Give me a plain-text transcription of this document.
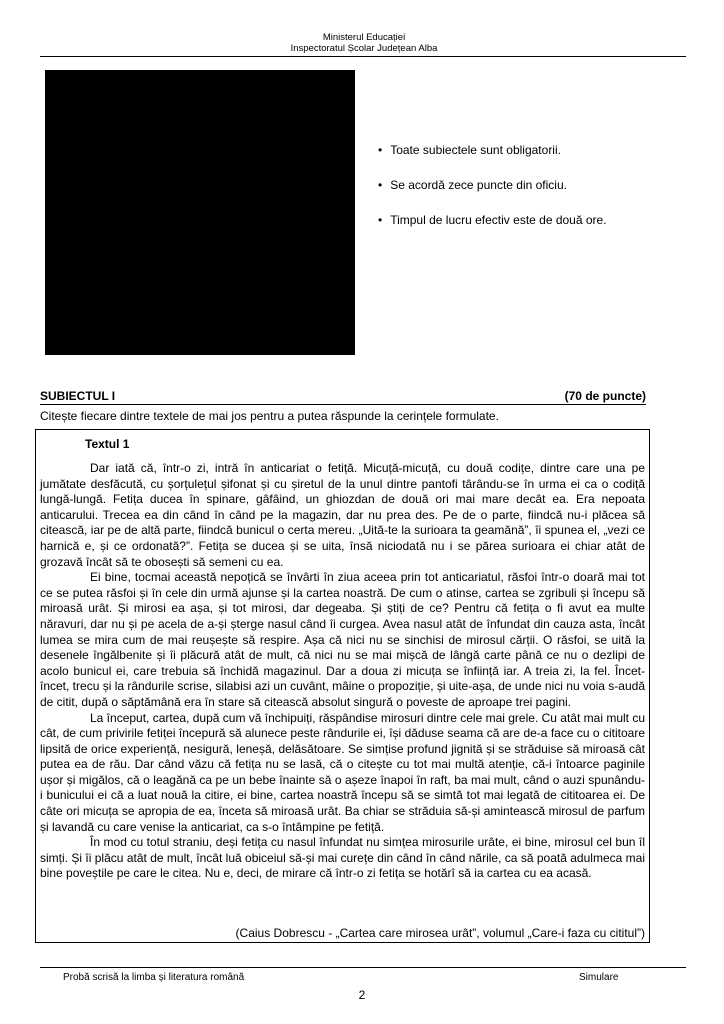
Ministerul Educației
Inspectoratul Școlar Județean Alba
• Toate subiectele sunt obligatorii.
• Se acordă zece puncte din oficiu.
• Timpul de lucru efectiv este de două ore.
SUBIECTUL I	(70 de puncte)
Citește fiecare dintre textele de mai jos pentru a putea răspunde la cerințele formulate.
Textul 1

Dar iată că, într-o zi, intră în anticariat o fetiță. Micuță-micuță, cu două codițe, dintre care una pe jumătate desfăcută, cu șorțulețul șifonat și cu șiretul de la unul dintre pantofi târându-se în urma ei ca o codiță lungă-lungă. Fetița ducea în spinare, gâfâind, un ghiozdan de două ori mai mare decât ea. Era nepoata anticarului. Trecea ea din când în când pe la magazin, dar nu prea des. Pe de o parte, fiindcă nu-i plăcea să citească, iar pe de altă parte, fiindcă bunicul o certa mereu. „Uită-te la surioara ta geamănă”, îi spunea el, „vezi ce harnică e, și ce ordonată?”. Fetița se ducea și se uita, însă niciodată nu i se părea surioara ei chiar atât de grozavă încât să te obosești să semeni cu ea.

Ei bine, tocmai această nepoțică se învârti în ziua aceea prin tot anticariatul, răsfoi într-o doară mai tot ce se putea răsfoi și în cele din urmă ajunse și la cartea noastră. De cum o atinse, cartea se zgribuli și începu să miroasă urât. Și mirosi ea așa, și tot mirosi, dar degeaba. Și știți de ce? Pentru că fetița o fi avut ea multe năravuri, dar nu și pe acela de a-și șterge nasul când îi curgea. Avea nasul atât de înfundat din cauza asta, încât lumea se mira cum de mai reușește să respire. Așa că nici nu se sinchisi de mirosul cărții. O răsfoi, se uită la desenele îngălbenite și îi plăcură atât de mult, că nici nu se mai mișcă de lângă carte până ce nu o dezlipi de acolo bunicul ei, care trebuia să închidă magazinul. Dar a doua zi micuța se înființă iar. A treia zi, la fel. Încet-încet, trecu și la rândurile scrise, silabisi azi un cuvânt, mâine o propoziție, și uite-așa, de unde nici nu voia s-audă de citit, după o săptămână era în stare să citească absolut singură o poveste de aproape trei pagini.

La început, cartea, după cum vă închipuiți, răspândise mirosuri dintre cele mai grele. Cu atât mai mult cu cât, de cum privirile fetiței începură să alunece peste rândurile ei, își dăduse seama că are de-a face cu o cititoare lipsită de orice experiență, nesigură, leneșă, delăsătoare. Se simțise profund jignită și se străduise să miroasă cât putea ea de rău. Dar când văzu că fetița nu se lasă, că o citește cu tot mai multă atenție, că-i întoarce paginile ușor și migălos, că o leagănă ca pe un bebe înainte să o așeze înapoi în raft, ba mai mult, când o auzi spunându-i bunicului ei că a luat nouă la citire, ei bine, cartea noastră începu să se simtă tot mai legată de cititoarea ei. De câte ori micuța se apropia de ea, înceta să miroasă urât. Ba chiar se străduia să-și amintească mirosul de parfum și lavandă cu care venise la anticariat, ca s-o întâmpine pe fetiță.

În mod cu totul straniu, deși fetița cu nasul înfundat nu simțea mirosurile urâte, ei bine, mirosul cel bun îl simți. Și îi plăcu atât de mult, încât luă obiceiul să-și mai curețe din când în când nările, ca să poată adulmeca mai bine poveștile pe care le citea. Nu e, deci, de mirare că într-o zi fetița se hotărî să ia cartea cu ea acasă.

(Caius Dobrescu - „Cartea care mirosea urât”, volumul „Care-i faza cu cititul”)
Probă scrisă la limba și literatura română	Simulare
2
